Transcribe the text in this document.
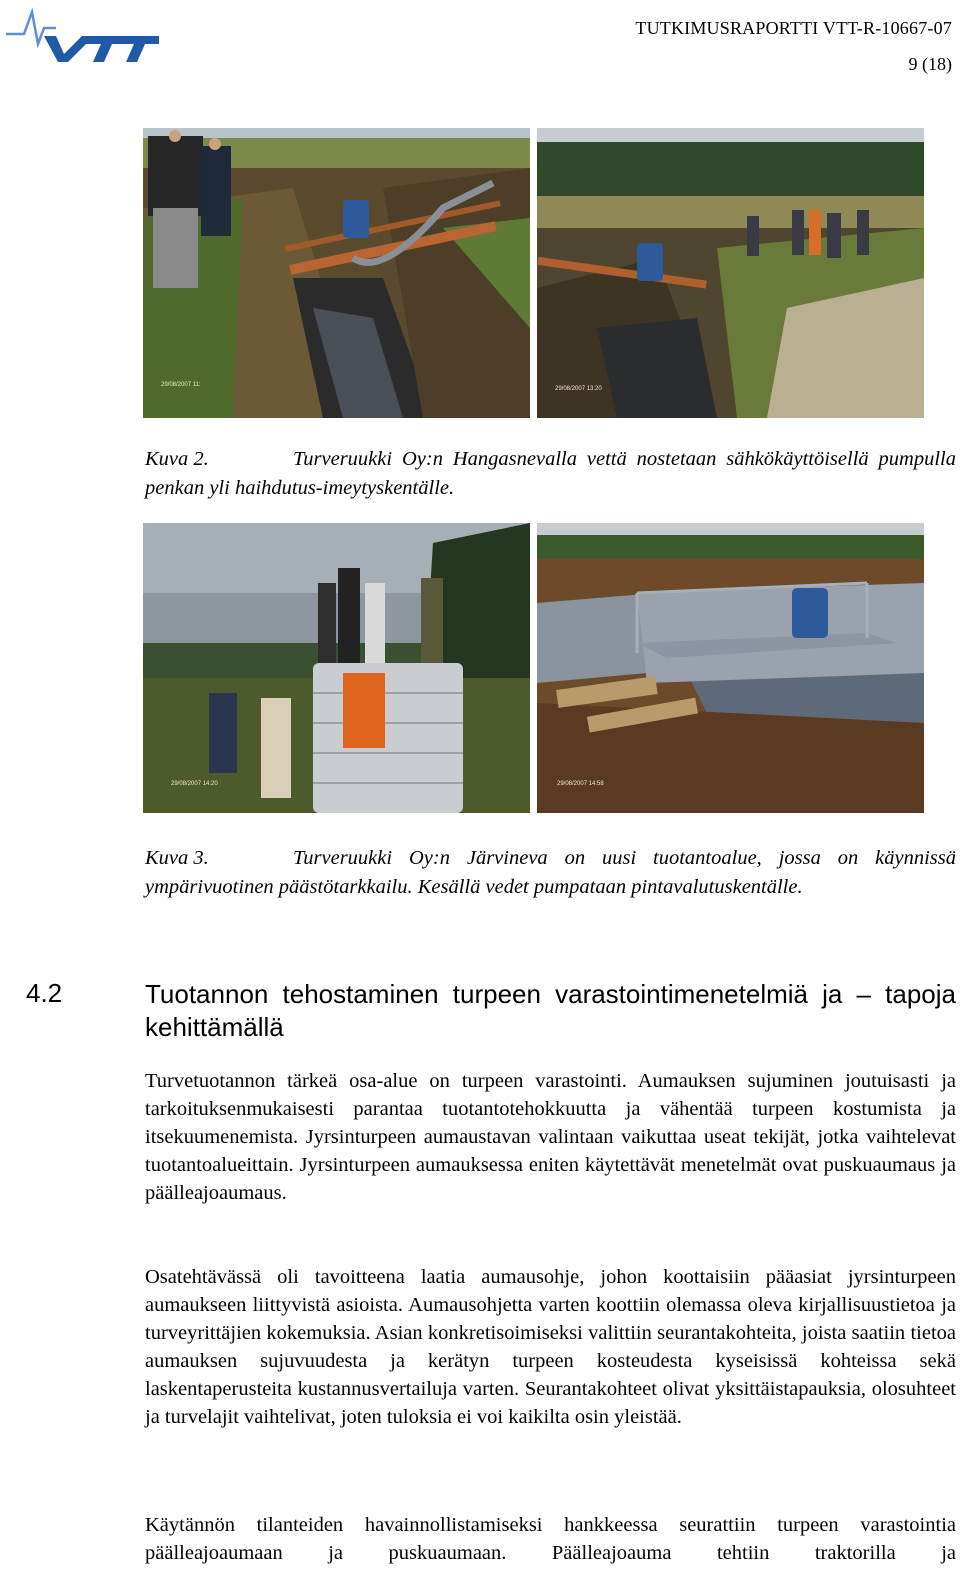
TUTKIMUSRAPORTTI VTT-R-10667-07
9 (18)
29/08/2007 11:
29/08/2007 13:20
Kuva 2.	Turveruukki Oy:n Hangasnevalla vettä nostetaan sähkökäyttöisellä pumpulla penkan yli haihdutus-imeytyskentälle.
29/08/2007 14:20	29/08/2007 14:58
Kuva 3.	Turveruukki Oy:n Järvineva on uusi tuotantoalue, jossa on käynnissä ympärivuotinen päästötarkkailu. Kesällä vedet pumpataan pintavalutuskentälle.
4.2	Tuotannon tehostaminen turpeen varastointimenetelmiä ja – tapoja kehittämällä

Turvetuotannon tärkeä osa-alue on turpeen varastointi. Aumauksen sujuminen joutuisasti ja tarkoituksenmukaisesti parantaa tuotantotehokkuutta ja vähentää turpeen kostumista ja itsekuumenemista. Jyrsinturpeen aumaustavan valintaan vaikuttaa useat tekijät, jotka vaihtelevat tuotantoalueittain. Jyrsinturpeen aumauksessa eniten käytettävät menetelmät ovat puskuaumaus ja päälleajoaumaus.

Osatehtävässä oli tavoitteena laatia aumausohje, johon koottaisiin pääasiat jyrsinturpeen aumaukseen liittyvistä asioista. Aumausohjetta varten koottiin olemassa oleva kirjallisuustietoa ja turveyrittäjien kokemuksia. Asian konkretisoimiseksi valittiin seurantakohteita, joista saatiin tietoa aumauksen sujuvuudesta ja kerätyn turpeen kosteudesta kyseisissä kohteissa sekä laskentaperusteita kustannusvertailuja varten. Seurantakohteet olivat yksittäistapauksia, olosuhteet ja turvelajit vaihtelivat, joten tuloksia ei voi kaikilta osin yleistää.

Käytännön tilanteiden havainnollistamiseksi hankkeessa seurattiin turpeen varastointia päälleajoaumaan ja puskuaumaan. Päälleajoauma tehtiin traktorilla ja
